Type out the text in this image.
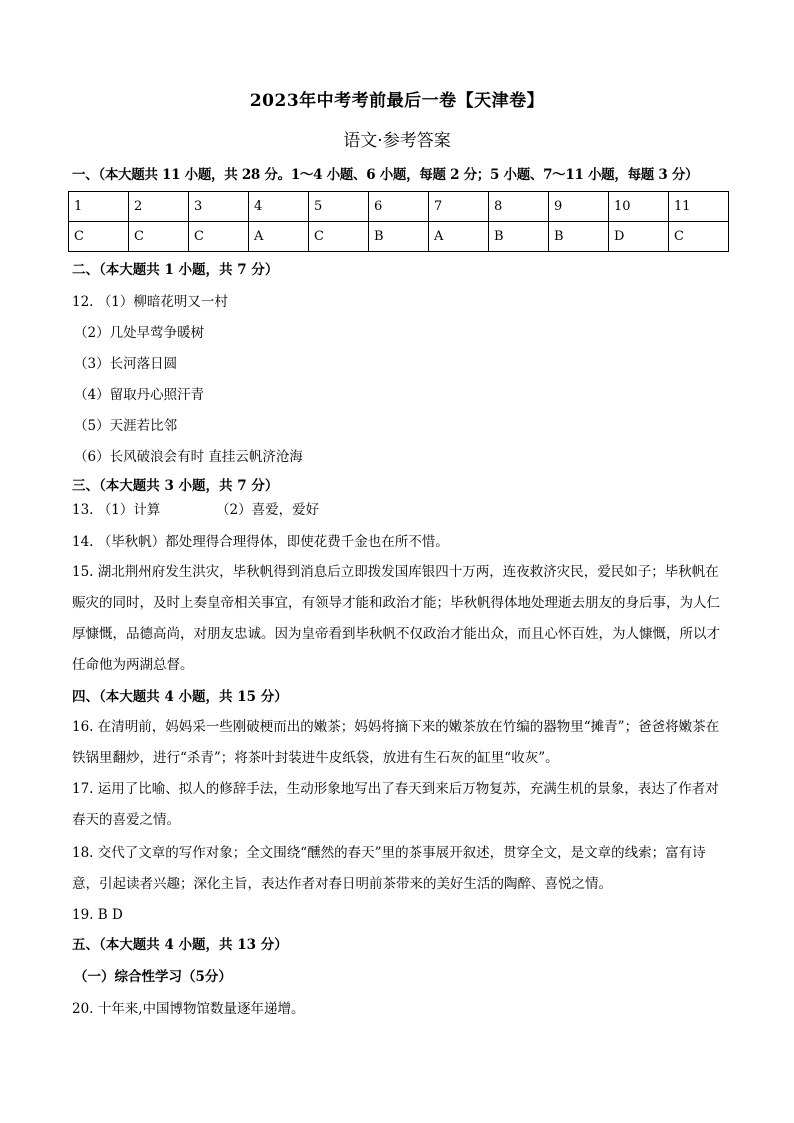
2023年中考考前最后一卷【天津卷】
语文·参考答案
一、（本大题共 11 小题，共 28 分。1～4 小题、6 小题，每题 2 分；5 小题、7～11 小题，每题 3 分）
1	2	3	4	5	6	7	8	9	10	11
C	C	C	A	C	B	A	B	B	D	C
二、（本大题共 1 小题，共 7 分）
12. （1）柳暗花明又一村
（2）几处早莺争暖树
（3）长河落日圆
（4）留取丹心照汗青
（5）天涯若比邻
（6）长风破浪会有时 直挂云帆济沧海
三、（本大题共 3 小题，共 7 分）
13. （1）计算	（2）喜爱，爱好
14. （毕秋帆）都处理得合理得体，即使花费千金也在所不惜。
15. 湖北荆州府发生洪灾，毕秋帆得到消息后立即拨发国库银四十万两，连夜救济灾民，爱民如子；毕秋帆在赈灾的同时，及时上奏皇帝相关事宜，有领导才能和政治才能；毕秋帆得体地处理逝去朋友的身后事，为人仁厚慷慨，品德高尚，对朋友忠诚。因为皇帝看到毕秋帆不仅政治才能出众，而且心怀百姓，为人慷慨，所以才任命他为两湖总督。
四、（本大题共 4 小题，共 15 分）
16. 在清明前，妈妈采一些刚破梗而出的嫩茶；妈妈将摘下来的嫩茶放在竹编的器物里“摊青”；爸爸将嫩茶在铁锅里翻炒，进行“杀青”；将茶叶封装进牛皮纸袋，放进有生石灰的缸里“收灰”。
17. 运用了比喻、拟人的修辞手法，生动形象地写出了春天到来后万物复苏，充满生机的景象，表达了作者对春天的喜爱之情。
18. 交代了文章的写作对象；全文围绕“醺然的春天”里的茶事展开叙述，贯穿全文，是文章的线索；富有诗意，引起读者兴趣；深化主旨，表达作者对春日明前茶带来的美好生活的陶醉、喜悦之情。
19. B D
五、（本大题共 4 小题，共 13 分）
（一）综合性学习（5分）
20. 十年来,中国博物馆数量逐年递增。
